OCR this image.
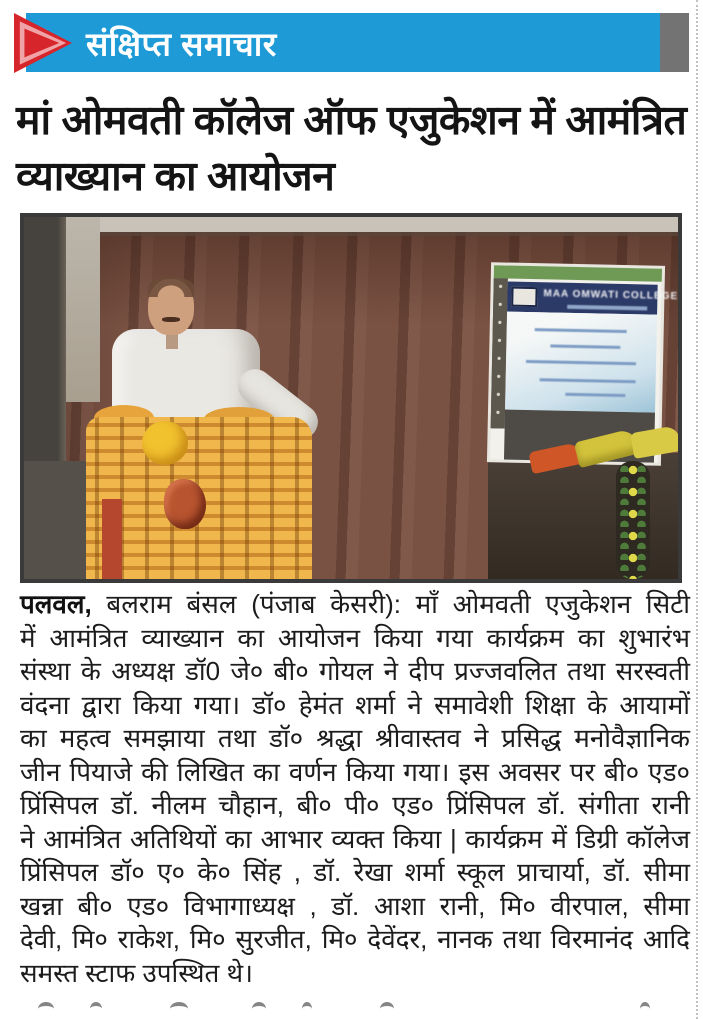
संक्षिप्त समाचार
मां ओमवती कॉलेज ऑफ एजुकेशन में आमंत्रित
व्याख्यान का आयोजन
MAA OMWATI COLLEGE
पलवल, बलराम बंसल (पंजाब केसरी): माँ ओमवती एजुकेशन सिटी
में आमंत्रित व्याख्यान का आयोजन किया गया कार्यक्रम का शुभारंभ
संस्था के अध्यक्ष डॉ0 जे० बी० गोयल ने दीप प्रज्जवलित तथा सरस्वती
वंदना द्वारा किया गया। डॉ० हेमंत शर्मा ने समावेशी शिक्षा के आयामों
का महत्व समझाया तथा डॉ० श्रद्धा श्रीवास्तव ने प्रसिद्ध मनोवैज्ञानिक
जीन पियाजे की लिखित का वर्णन किया गया। इस अवसर पर बी० एड०
प्रिंसिपल डॉ. नीलम चौहान, बी० पी० एड० प्रिंसिपल डॉ. संगीता रानी
ने आमंत्रित अतिथियों का आभार व्यक्त किया | कार्यक्रम में डिग्री कॉलेज
प्रिंसिपल डॉ० ए० के० सिंह , डॉ. रेखा शर्मा स्कूल प्राचार्या, डॉ. सीमा
खन्ना बी० एड० विभागाध्यक्ष , डॉ. आशा रानी, मि० वीरपाल, सीमा
देवी, मि० राकेश, मि० सुरजीत, मि० देवेंदर, नानक तथा विरमानंद आदि
समस्त स्टाफ उपस्थित थे।
